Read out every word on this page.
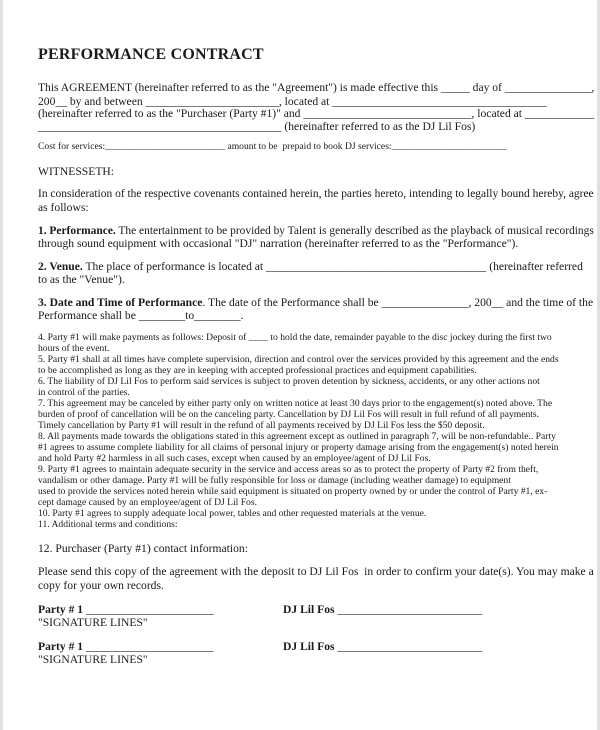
PERFORMANCE CONTRACT
This AGREEMENT (hereinafter referred to as the "Agreement") is made effective this _____ day of _______________,
200__ by and between _______________________, located at _____________________________________
(hereinafter referred to as the "Purchaser (Party #1)" and _____________________________, located at ____________
__________________________________________ (hereinafter referred to as the DJ Lil Fos)
Cost for services:_________________________ amount to be  prepaid to book DJ services:________________________
WITNESSETH:
In consideration of the respective covenants contained herein, the parties hereto, intending to legally bound hereby, agree
as follows:
1. Performance. The entertainment to be provided by Talent is generally described as the playback of musical recordings
through sound equipment with occasional "DJ" narration (hereinafter referred to as the "Performance").
2. Venue. The place of performance is located at ______________________________________ (hereinafter referred
to as the "Venue").
3. Date and Time of Performance. The date of the Performance shall be _______________, 200__ and the time of the
Performance shall be ________to________.
4. Party #1 will make payments as follows: Deposit of ____ to hold the date, remainder payable to the disc jockey during the first two
hours of the event.
5. Party #1 shall at all times have complete supervision, direction and control over the services provided by this agreement and the ends
to be accomplished as long as they are in keeping with accepted professional practices and equipment capabilities.
6. The liability of DJ Lil Fos to perform said services is subject to proven detention by sickness, accidents, or any other actions not
in control of the parties.
7. This agreement may be canceled by either party only on written notice at least 30 days prior to the engagement(s) noted above. The
burden of proof of cancellation will be on the canceling party. Cancellation by DJ Lil Fos will result in full refund of all payments.
Timely cancellation by Party #1 will result in the refund of all payments received by DJ Lil Fos less the $50 deposit.
8. All payments made towards the obligations stated in this agreement except as outlined in paragraph 7, will be non-refundable.. Party
#1 agrees to assume complete liability for all claims of personal injury or property damage arising from the engagement(s) noted herein
and hold Party #2 harmless in all such cases, except when caused by an employee/agent of DJ Lil Fos.
9. Party #1 agrees to maintain adequate security in the service and access areas so as to protect the property of Party #2 from theft,
vandalism or other damage. Party #1 will be fully responsible for loss or damage (including weather damage) to equipment
used to provide the services noted herein while said equipment is situated on property owned by or under the control of Party #1, ex-
cept damage caused by an employee/agent of DJ Lil Fos.
10. Party #1 agrees to supply adequate local power, tables and other requested materials at the venue.
11. Additional terms and conditions:
12. Purchaser (Party #1) contact information:
Please send this copy of the agreement with the deposit to DJ Lil Fos  in order to confirm your date(s). You may make a
copy for your own records.
Party # 1 ______________________	DJ Lil Fos _________________________
"SIGNATURE LINES"
Party # 1 ______________________	DJ Lil Fos _________________________
"SIGNATURE LINES"
